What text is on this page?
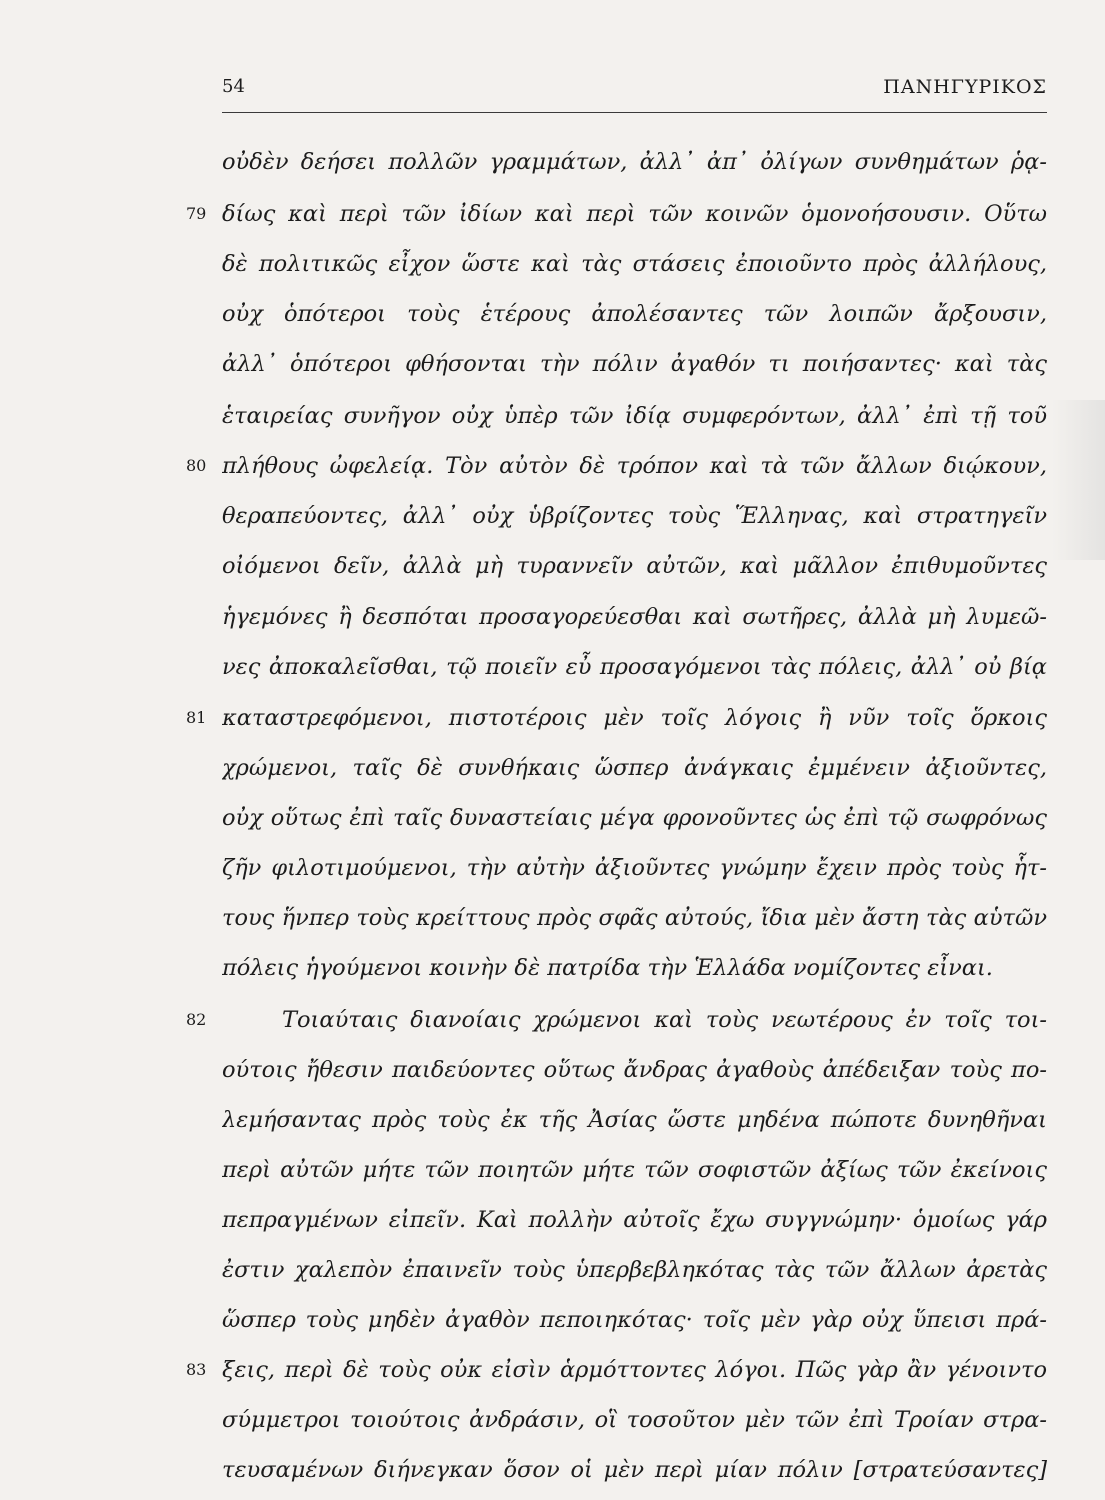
54	ΠΑΝΗΓΥΡΙΚΟΣ
οὐδὲν δεήσει πολλῶν γραμμάτων, ἀλλ᾽ ἀπ᾽ ὀλίγων συνθημάτων ῥᾳ-
79 δίως καὶ περὶ τῶν ἰδίων καὶ περὶ τῶν κοινῶν ὁμονοήσουσιν. Οὕτω
δὲ πολιτικῶς εἶχον ὥστε καὶ τὰς στάσεις ἐποιοῦντο πρὸς ἀλλήλους,
οὐχ ὁπότεροι τοὺς ἑτέρους ἀπολέσαντες τῶν λοιπῶν ἄρξουσιν,
ἀλλ᾽ ὁπότεροι φθήσονται τὴν πόλιν ἀγαθόν τι ποιήσαντες· καὶ τὰς
ἑταιρείας συνῆγον οὐχ ὑπὲρ τῶν ἰδίᾳ συμφερόντων, ἀλλ᾽ ἐπὶ τῇ τοῦ
80 πλήθους ὠφελείᾳ. Τὸν αὐτὸν δὲ τρόπον καὶ τὰ τῶν ἄλλων διῴκουν,
θεραπεύοντες, ἀλλ᾽ οὐχ ὑβρίζοντες τοὺς Ἕλληνας, καὶ στρατηγεῖν
οἰόμενοι δεῖν, ἀλλὰ μὴ τυραννεῖν αὐτῶν, καὶ μᾶλλον ἐπιθυμοῦντες
ἡγεμόνες ἢ δεσπόται προσαγορεύεσθαι καὶ σωτῆρες, ἀλλὰ μὴ λυμεῶ-
νες ἀποκαλεῖσθαι, τῷ ποιεῖν εὖ προσαγόμενοι τὰς πόλεις, ἀλλ᾽ οὐ βίᾳ
81 καταστρεφόμενοι, πιστοτέροις μὲν τοῖς λόγοις ἢ νῦν τοῖς ὅρκοις
χρώμενοι, ταῖς δὲ συνθήκαις ὥσπερ ἀνάγκαις ἐμμένειν ἀξιοῦντες,
οὐχ οὕτως ἐπὶ ταῖς δυναστείαις μέγα φρονοῦντες ὡς ἐπὶ τῷ σωφρόνως
ζῆν φιλοτιμούμενοι, τὴν αὐτὴν ἀξιοῦντες γνώμην ἔχειν πρὸς τοὺς ἧτ-
τους ἥνπερ τοὺς κρείττους πρὸς σφᾶς αὐτούς, ἴδια μὲν ἄστη τὰς αὑτῶν
πόλεις ἡγούμενοι κοινὴν δὲ πατρίδα τὴν Ἑλλάδα νομίζοντες εἶναι.
82	Τοιαύταις διανοίαις χρώμενοι καὶ τοὺς νεωτέρους ἐν τοῖς τοι-
ούτοις ἤθεσιν παιδεύοντες οὕτως ἄνδρας ἀγαθοὺς ἀπέδειξαν τοὺς πο-
λεμήσαντας πρὸς τοὺς ἐκ τῆς Ἀσίας ὥστε μηδένα πώποτε δυνηθῆναι
περὶ αὐτῶν μήτε τῶν ποιητῶν μήτε τῶν σοφιστῶν ἀξίως τῶν ἐκείνοις
πεπραγμένων εἰπεῖν. Καὶ πολλὴν αὐτοῖς ἔχω συγγνώμην· ὁμοίως γάρ
ἐστιν χαλεπὸν ἐπαινεῖν τοὺς ὑπερβεβληκότας τὰς τῶν ἄλλων ἀρετὰς
ὥσπερ τοὺς μηδὲν ἀγαθὸν πεποιηκότας· τοῖς μὲν γὰρ οὐχ ὕπεισι πρά-
83 ξεις, περὶ δὲ τοὺς οὐκ εἰσὶν ἁρμόττοντες λόγοι. Πῶς γὰρ ἂν γένοιντο
σύμμετροι τοιούτοις ἀνδράσιν, οἳ τοσοῦτον μὲν τῶν ἐπὶ Τροίαν στρα-
τευσαμένων διήνεγκαν ὅσον οἱ μὲν περὶ μίαν πόλιν [στρατεύσαντες]
